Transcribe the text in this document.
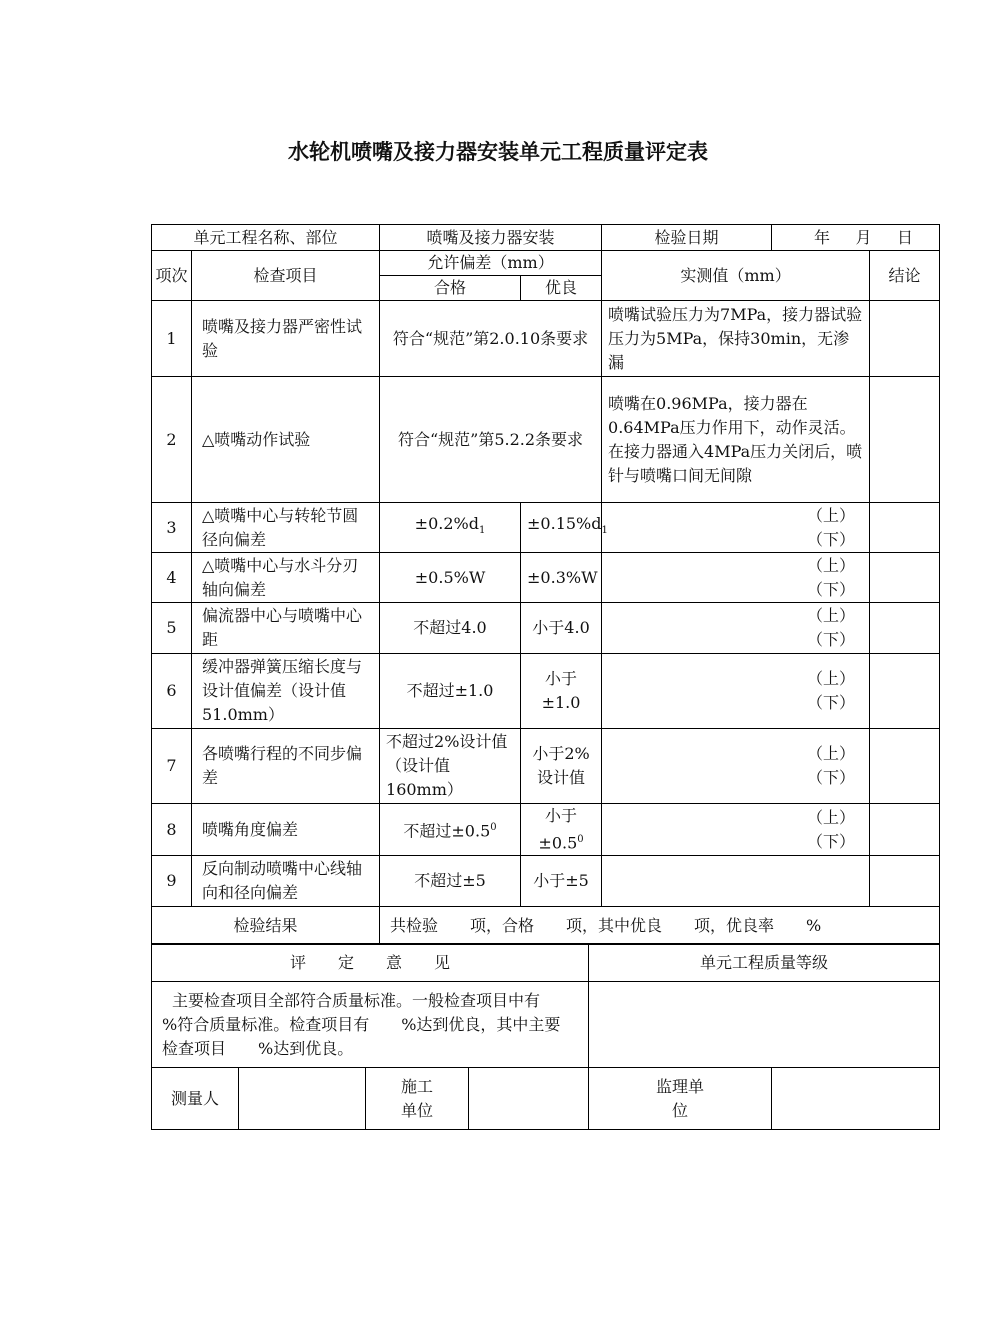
水轮机喷嘴及接力器安装单元工程质量评定表
单元工程名称、部位		喷嘴及接力器安装		检验日期	年 月 日	

项次	检查项目	允许偏差（mm）		实测值（mm）		结论
		合格	优良			
1	喷嘴及接力器严密性试验	符合“规范”第2.0.10条要求		喷嘴试验压力为7MPa，接力器试验压力为5MPa，保持30min，无渗漏		
2	△喷嘴动作试验	符合“规范”第5.2.2条要求		喷嘴在0.96MPa，接力器在0.64MPa压力作用下，动作灵活。在接力器通入4MPa压力关闭后，喷针与喷嘴口间无间隙		
3	△喷嘴中心与转轮节圆径向偏差	$\pm 0.2\%d_1$	$\pm 0.15\%d_1$	（上）
（下）		

4	△喷嘴中心与水斗分刃轴向偏差	±0.5%W	±0.3%W	（上）
（下）		

5	偏流器中心与喷嘴中心距	不超过4.0	小于4.0	（上）
（下）		

6	缓冲器弹簧压缩长度与设计值偏差（设计值51.0mm）	不超过±1.0	小于±1.0	（上）
（下）		

7	各喷嘴行程的不同步偏差	不超过2%设计值（设计值160mm）	小于2%设计值	（上）
（下）		

8	喷嘴角度偏差	不超过$\pm 0.5^0$	小于$\pm 0.5^0$	（上）
（下）		

9	反向制动喷嘴中心线轴向和径向偏差	不超过±5	小于±5			
检验结果		共检验　　项，合格　　项，其中优良　　项，优良率　　%				
评　　定　　意　　见				单元工程质量等级	
主要检查项目全部符合质量标准。一般检查项目中有　　%符合质量标准。检查项目有　　%达到优良，其中主要检查项目　　%达到优良。					
测量人		施工单位		监理单位	
